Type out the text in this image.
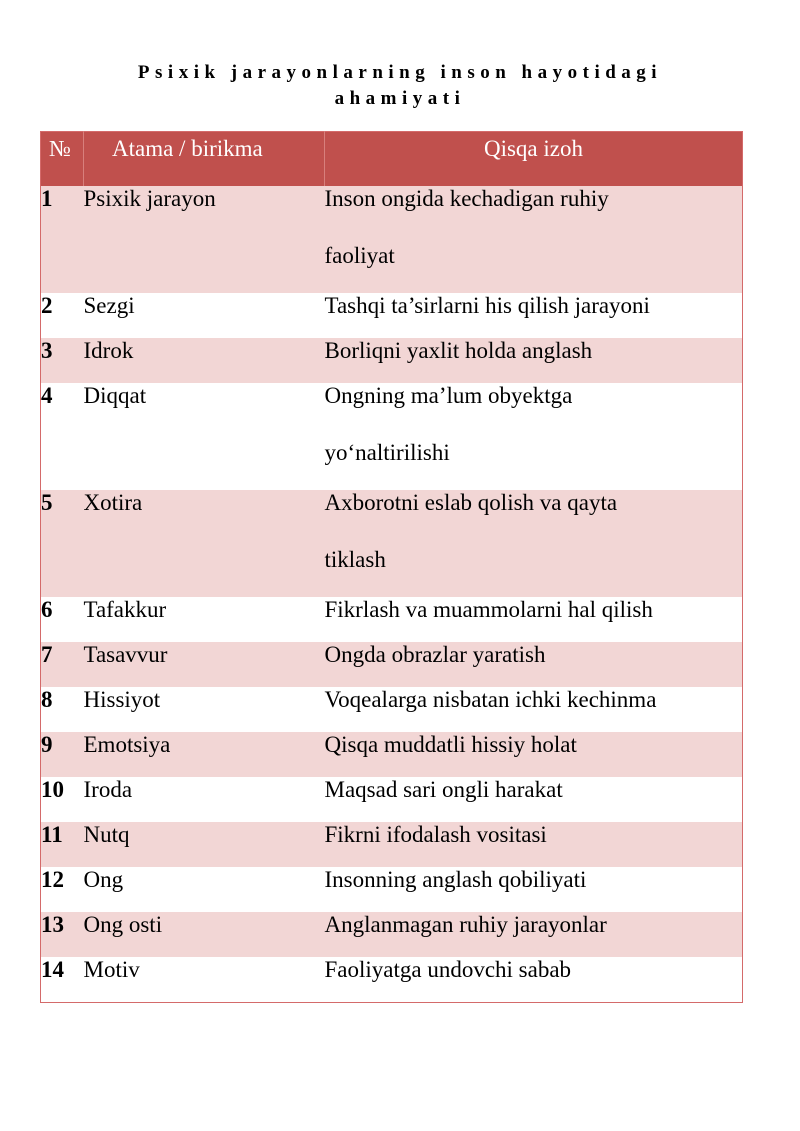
Psixik jarayonlarning inson hayotidagi
ahamiyati
№	Atama / birikma	Qisqa izoh
1	Psixik jarayon	Inson ongida kechadigan ruhiy
faoliyat

2	Sezgi	Tashqi ta’sirlarni his qilish jarayoni
3	Idrok	Borliqni yaxlit holda anglash
4	Diqqat	Ongning ma’lum obyektga
yo‘naltirilishi

5	Xotira	Axborotni eslab qolish va qayta
tiklash

6	Tafakkur	Fikrlash va muammolarni hal qilish
7	Tasavvur	Ongda obrazlar yaratish
8	Hissiyot	Voqealarga nisbatan ichki kechinma
9	Emotsiya	Qisqa muddatli hissiy holat
10	Iroda	Maqsad sari ongli harakat
11	Nutq	Fikrni ifodalash vositasi
12	Ong	Insonning anglash qobiliyati
13	Ong osti	Anglanmagan ruhiy jarayonlar
14	Motiv	Faoliyatga undovchi sabab
